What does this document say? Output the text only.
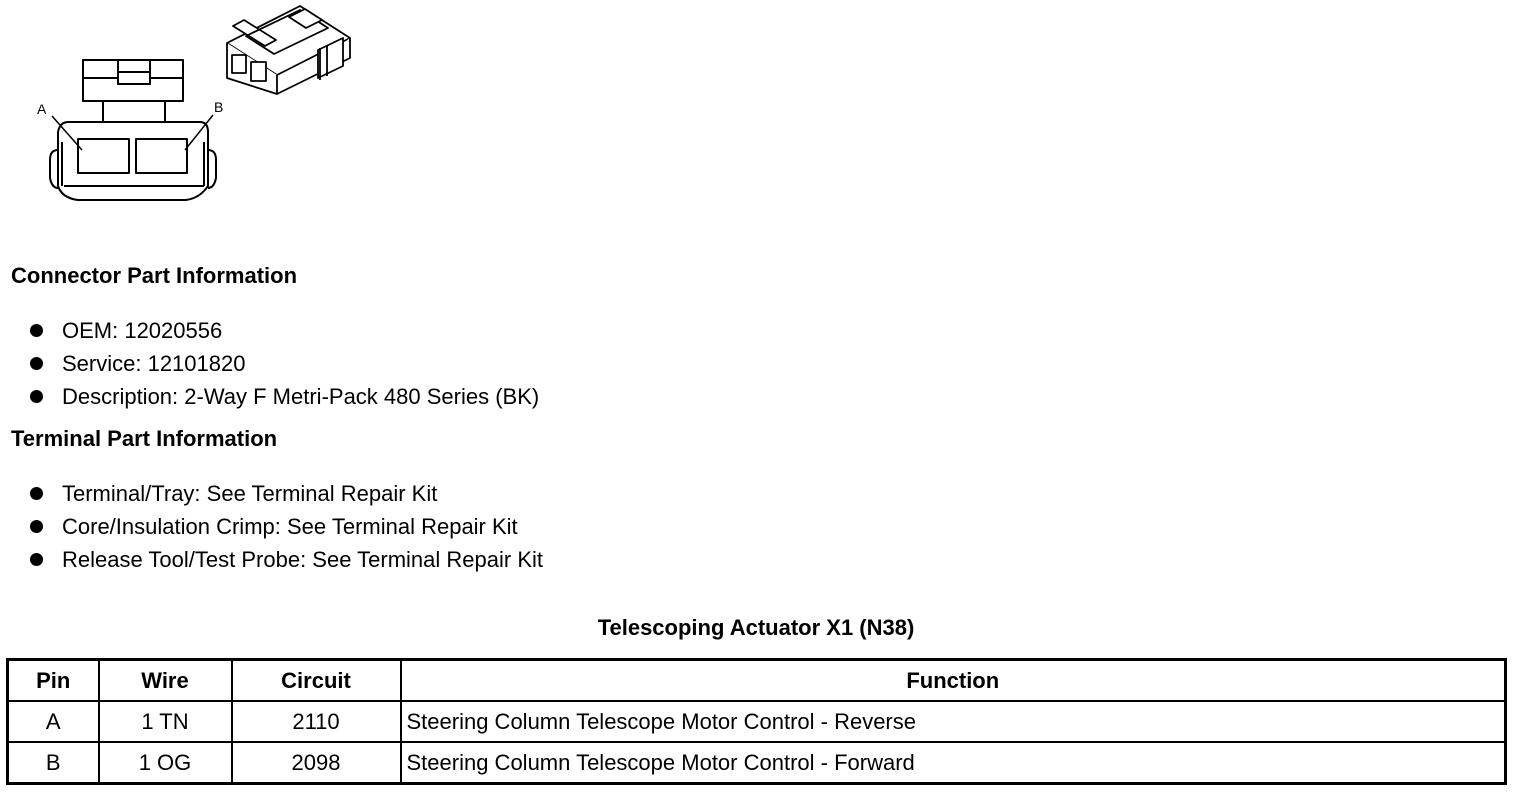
A	B
Connector Part Information
OEM: 12020556
Service: 12101820
Description: 2-Way F Metri-Pack 480 Series (BK)
Terminal Part Information
Terminal/Tray: See Terminal Repair Kit
Core/Insulation Crimp: See Terminal Repair Kit
Release Tool/Test Probe: See Terminal Repair Kit
Telescoping Actuator X1 (N38)
Pin	Wire	Circuit	Function
A	1 TN	2110	Steering Column Telescope Motor Control - Reverse
B	1 OG	2098	Steering Column Telescope Motor Control - Forward
